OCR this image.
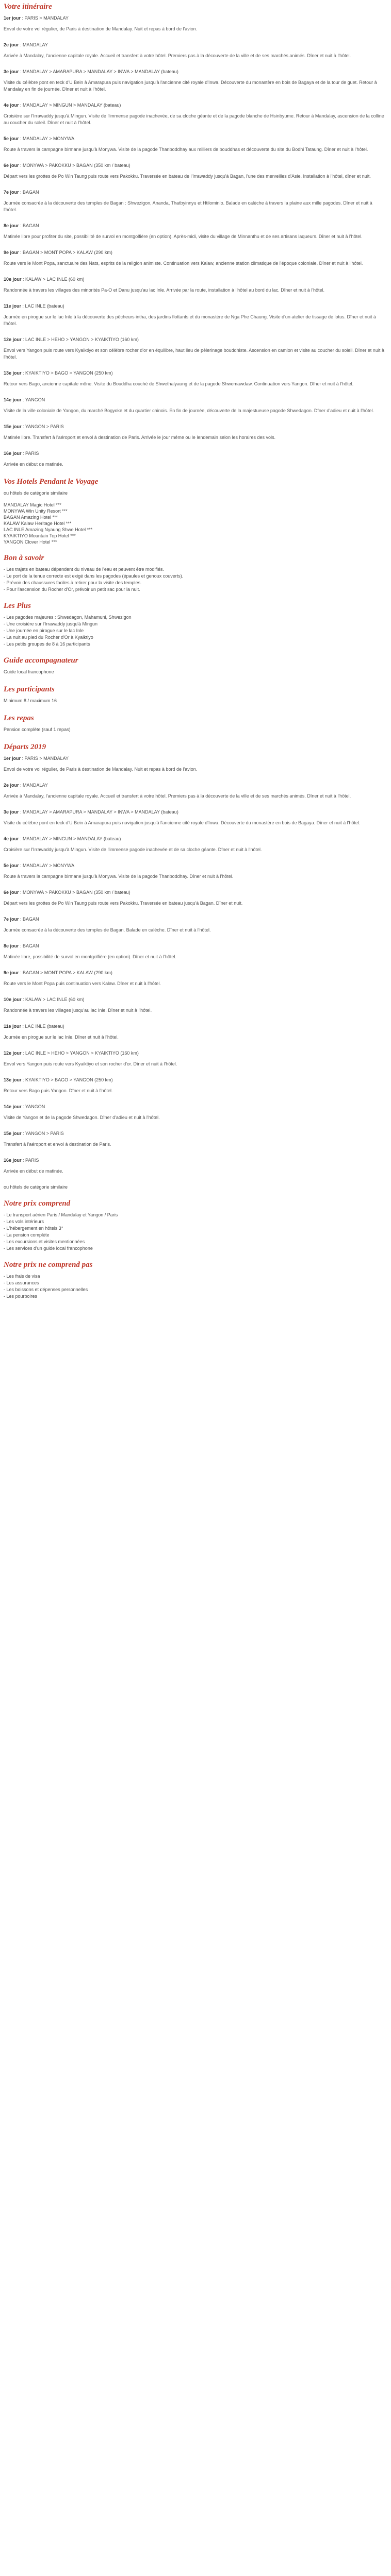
Votre itinéraire

1er jour : PARIS > MANDALAY

Envol de votre vol régulier, de Paris à destination de Mandalay. Nuit et repas à bord de l'avion.

2e jour : MANDALAY

Arrivée à Mandalay, l'ancienne capitale royale. Accueil et transfert à votre hôtel. Premiers pas à la découverte de la ville et de ses marchés animés. Dîner et nuit à l'hôtel.

3e jour : MANDALAY > AMARAPURA > MANDALAY > INWA > MANDALAY (bateau)

Visite du célèbre pont en teck d'U Bein à Amarapura puis navigation jusqu'à l'ancienne cité royale d'Inwa. Découverte du monastère en bois de Bagaya et de la tour de guet. Retour à Mandalay en fin de journée. Dîner et nuit à l'hôtel.

4e jour : MANDALAY > MINGUN > MANDALAY (bateau)

Croisière sur l'Irrawaddy jusqu'à Mingun. Visite de l'immense pagode inachevée, de sa cloche géante et de la pagode blanche de Hsinbyume. Retour à Mandalay, ascension de la colline au coucher du soleil. Dîner et nuit à l'hôtel.

5e jour : MANDALAY > MONYWA

Route à travers la campagne birmane jusqu'à Monywa. Visite de la pagode Thanboddhay aux milliers de bouddhas et découverte du site du Bodhi Tataung. Dîner et nuit à l'hôtel.

6e jour : MONYWA > PAKOKKU > BAGAN (350 km / bateau)

Départ vers les grottes de Po Win Taung puis route vers Pakokku. Traversée en bateau de l'Irrawaddy jusqu'à Bagan, l'une des merveilles d'Asie. Installation à l'hôtel, dîner et nuit.

7e jour : BAGAN

Journée consacrée à la découverte des temples de Bagan : Shwezigon, Ananda, Thatbyinnyu et Htilominlo. Balade en calèche à travers la plaine aux mille pagodes. Dîner et nuit à l'hôtel.

8e jour : BAGAN

Matinée libre pour profiter du site, possibilité de survol en montgolfière (en option). Après-midi, visite du village de Minnanthu et de ses artisans laqueurs. Dîner et nuit à l'hôtel.

9e jour : BAGAN > MONT POPA > KALAW (290 km)

Route vers le Mont Popa, sanctuaire des Nats, esprits de la religion animiste. Continuation vers Kalaw, ancienne station climatique de l'époque coloniale. Dîner et nuit à l'hôtel.

10e jour : KALAW > LAC INLE (60 km)

Randonnée à travers les villages des minorités Pa-O et Danu jusqu'au lac Inle. Arrivée par la route, installation à l'hôtel au bord du lac. Dîner et nuit à l'hôtel.

11e jour : LAC INLE (bateau)

Journée en pirogue sur le lac Inle à la découverte des pêcheurs intha, des jardins flottants et du monastère de Nga Phe Chaung. Visite d'un atelier de tissage de lotus. Dîner et nuit à l'hôtel.

12e jour : LAC INLE > HEHO > YANGON > KYAIKTIYO (160 km)

Envol vers Yangon puis route vers Kyaiktiyo et son célèbre rocher d'or en équilibre, haut lieu de pèlerinage bouddhiste. Ascension en camion et visite au coucher du soleil. Dîner et nuit à l'hôtel.

13e jour : KYAIKTIYO > BAGO > YANGON (250 km)

Retour vers Bago, ancienne capitale mône. Visite du Bouddha couché de Shwethalyaung et de la pagode Shwemawdaw. Continuation vers Yangon. Dîner et nuit à l'hôtel.

14e jour : YANGON

Visite de la ville coloniale de Yangon, du marché Bogyoke et du quartier chinois. En fin de journée, découverte de la majestueuse pagode Shwedagon. Dîner d'adieu et nuit à l'hôtel.

15e jour : YANGON > PARIS

Matinée libre. Transfert à l'aéroport et envol à destination de Paris. Arrivée le jour même ou le lendemain selon les horaires des vols.

16e jour : PARIS

Arrivée en début de matinée.

Vos Hotels Pendant le Voyage

ou hôtels de catégorie similaire

MANDALAY Magic Hotel ***

MONYWA Win Unity Resort ***

BAGAN Amazing Hotel ***

KALAW Kalaw Heritage Hotel ***

LAC INLE Amazing Nyaung Shwe Hotel ***

KYAIKTIYO Mountain Top Hotel ***

YANGON Clover Hotel ***

Bon à savoir

- Les trajets en bateau dépendent du niveau de l'eau et peuvent être modifiés.

- Le port de la tenue correcte est exigé dans les pagodes (épaules et genoux couverts).

- Prévoir des chaussures faciles à retirer pour la visite des temples.

- Pour l'ascension du Rocher d'Or, prévoir un petit sac pour la nuit.

Les Plus

- Les pagodes majeures : Shwedagon, Mahamuni, Shwezigon

- Une croisière sur l'Irrawaddy jusqu'à Mingun

- Une journée en pirogue sur le lac Inle

- La nuit au pied du Rocher d'Or à Kyaiktiyo

- Les petits groupes de 8 à 16 participants

Guide accompagnateur

Guide local francophone

Les participants

Minimum 8 / maximum 16

Les repas

Pension complète (sauf 1 repas)

Départs 2019

1er jour : PARIS > MANDALAY

Envol de votre vol régulier, de Paris à destination de Mandalay. Nuit et repas à bord de l'avion.

2e jour : MANDALAY

Arrivée à Mandalay, l'ancienne capitale royale. Accueil et transfert à votre hôtel. Premiers pas à la découverte de la ville et de ses marchés animés. Dîner et nuit à l'hôtel.

3e jour : MANDALAY > AMARAPURA > MANDALAY > INWA > MANDALAY (bateau)

Visite du célèbre pont en teck d'U Bein à Amarapura puis navigation jusqu'à l'ancienne cité royale d'Inwa. Découverte du monastère en bois de Bagaya. Dîner et nuit à l'hôtel.

4e jour : MANDALAY > MINGUN > MANDALAY (bateau)

Croisière sur l'Irrawaddy jusqu'à Mingun. Visite de l'immense pagode inachevée et de sa cloche géante. Dîner et nuit à l'hôtel.

5e jour : MANDALAY > MONYWA

Route à travers la campagne birmane jusqu'à Monywa. Visite de la pagode Thanboddhay. Dîner et nuit à l'hôtel.

6e jour : MONYWA > PAKOKKU > BAGAN (350 km / bateau)

Départ vers les grottes de Po Win Taung puis route vers Pakokku. Traversée en bateau jusqu'à Bagan. Dîner et nuit.

7e jour : BAGAN

Journée consacrée à la découverte des temples de Bagan. Balade en calèche. Dîner et nuit à l'hôtel.

8e jour : BAGAN

Matinée libre, possibilité de survol en montgolfière (en option). Dîner et nuit à l'hôtel.

9e jour : BAGAN > MONT POPA > KALAW (290 km)

Route vers le Mont Popa puis continuation vers Kalaw. Dîner et nuit à l'hôtel.

10e jour : KALAW > LAC INLE (60 km)

Randonnée à travers les villages jusqu'au lac Inle. Dîner et nuit à l'hôtel.

11e jour : LAC INLE (bateau)

Journée en pirogue sur le lac Inle. Dîner et nuit à l'hôtel.

12e jour : LAC INLE > HEHO > YANGON > KYAIKTIYO (160 km)

Envol vers Yangon puis route vers Kyaiktiyo et son rocher d'or. Dîner et nuit à l'hôtel.

13e jour : KYAIKTIYO > BAGO > YANGON (250 km)

Retour vers Bago puis Yangon. Dîner et nuit à l'hôtel.

14e jour : YANGON

Visite de Yangon et de la pagode Shwedagon. Dîner d'adieu et nuit à l'hôtel.

15e jour : YANGON > PARIS

Transfert à l'aéroport et envol à destination de Paris.

16e jour : PARIS

Arrivée en début de matinée.

ou hôtels de catégorie similaire

Notre prix comprend

- Le transport aérien Paris / Mandalay et Yangon / Paris

- Les vols intérieurs

- L'hébergement en hôtels 3*

- La pension complète

- Les excursions et visites mentionnées

- Les services d'un guide local francophone

Notre prix ne comprend pas

- Les frais de visa

- Les assurances

- Les boissons et dépenses personnelles

- Les pourboires
